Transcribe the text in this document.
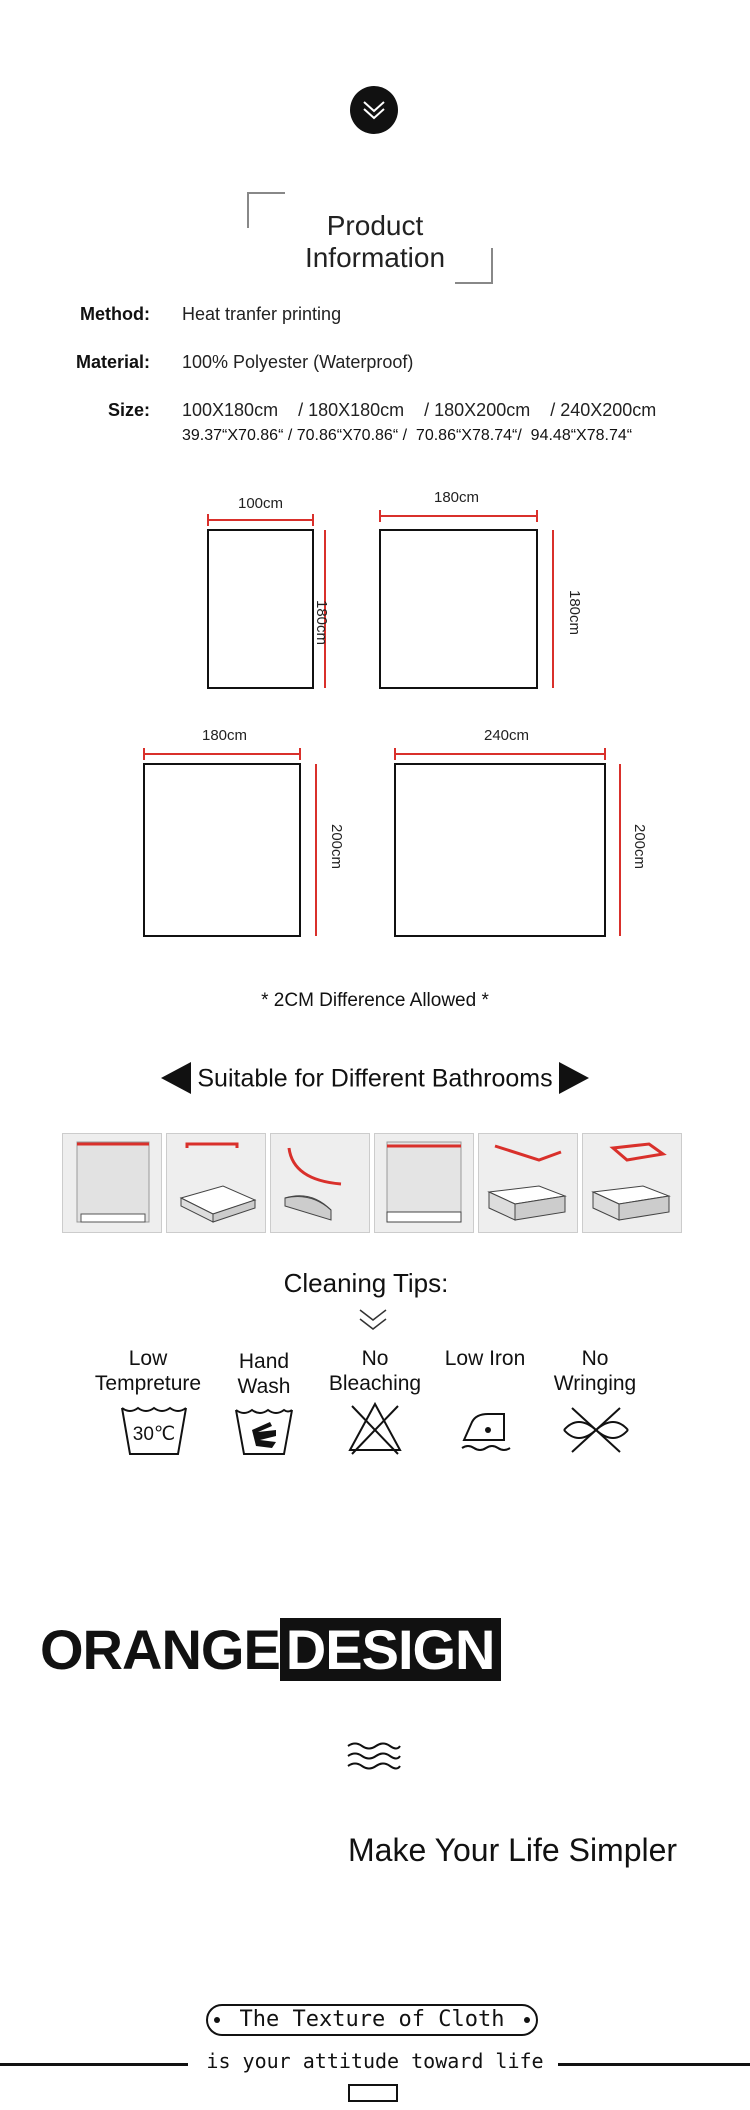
Product
Information
Method: Heat tranfer printing
Material: 100% Polyester (Waterproof)
Size: 100X180cm    / 180X180cm    / 180X200cm    / 240X200cm
39.37“X70.86“ / 70.86“X70.86“ /  70.86“X78.74“/  94.48“X78.74“
100cm
180cm
180cm
180cm
180cm
200cm
240cm
200cm
* 2CM Difference Allowed *
Suitable for Different Bathrooms
Cleaning Tips:
Low
Tempreture
Hand
Wash
No
Bleaching
Low Iron	No
Wringing
30℃
ORANGE DESIGN
Make Your Life Simpler
The Texture of Cloth
is your attitude toward life
